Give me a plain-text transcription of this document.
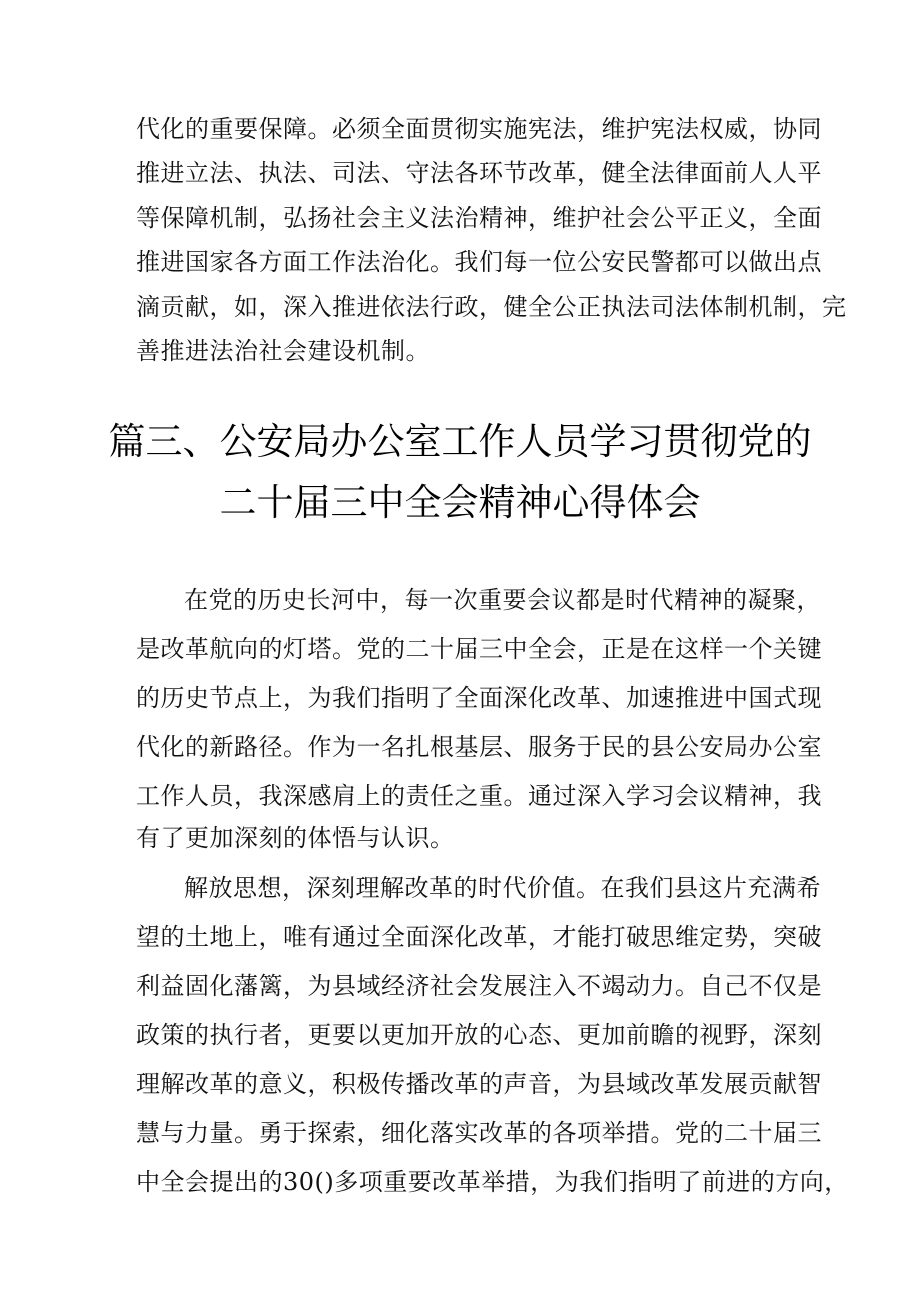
代化的重要保障。必须全面贯彻实施宪法，维护宪法权威，协同
推进立法、执法、司法、守法各环节改革，健全法律面前人人平
等保障机制，弘扬社会主义法治精神，维护社会公平正义，全面
推进国家各方面工作法治化。我们每一位公安民警都可以做出点
滴贡献，如，深入推进依法行政，健全公正执法司法体制机制，完
善推进法治社会建设机制。
篇三、公安局办公室工作人员学习贯彻党的
二十届三中全会精神心得体会
在党的历史长河中，每一次重要会议都是时代精神的凝聚，
是改革航向的灯塔。党的二十届三中全会，正是在这样一个关键
的历史节点上，为我们指明了全面深化改革、加速推进中国式现
代化的新路径。作为一名扎根基层、服务于民的县公安局办公室
工作人员，我深感肩上的责任之重。通过深入学习会议精神，我
有了更加深刻的体悟与认识。
解放思想，深刻理解改革的时代价值。在我们县这片充满希
望的土地上，唯有通过全面深化改革，才能打破思维定势，突破
利益固化藩篱，为县域经济社会发展注入不竭动力。自己不仅是
政策的执行者，更要以更加开放的心态、更加前瞻的视野，深刻
理解改革的意义，积极传播改革的声音，为县域改革发展贡献智
慧与力量。勇于探索，细化落实改革的各项举措。党的二十届三
中全会提出的30()多项重要改革举措，为我们指明了前进的方向，
